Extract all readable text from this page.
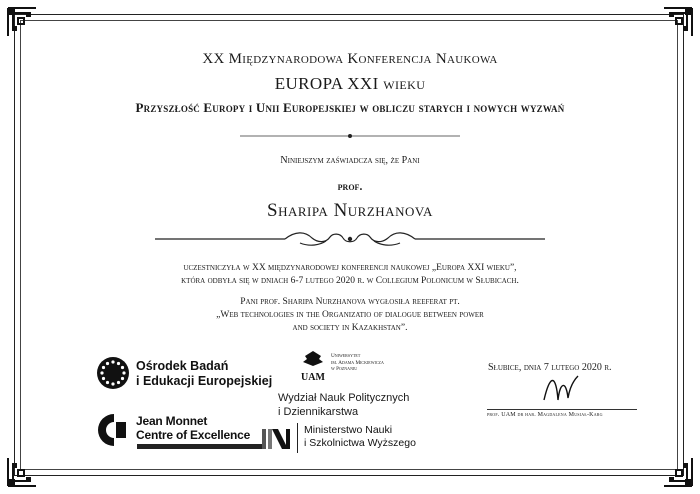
XX Międzynarodowa Konferencja Naukowa
EUROPA XXI wieku
Przyszłość Europy i Unii Europejskiej w obliczu starych i nowych wyzwań
Niniejszym zaświadcza się, że Pani
prof.
Sharipa Nurzhanova
uczestniczyła w XX międzynarodowej konferencji naukowej „Europa XXI wieku”,
która odbyła się w dniach 6-7 lutego 2020 r. w Collegium Polonicum w Słubicach.
Pani prof. Sharipa Nurzhanova wygłosiła reeferat pt.
„Web technologies in the Organizatio of dialogue between power
and society in Kazakhstan”.
Ośrodek Badań
i Edukacji Europejskiej
Jean Monnet
Centre of Excellence
UAM
Uniwersytet
im. Adama Mickiewicza
w Poznaniu
Wydział Nauk Politycznych
i Dziennikarstwa
Ministerstwo Nauki
i Szkolnictwa Wyższego
Słubice, dnia 7 lutego 2020 r.
prof. UAM dr hab. Magdalena Musiał-Karg
